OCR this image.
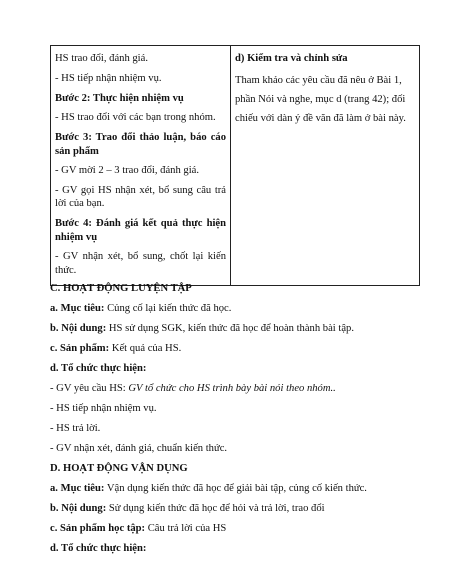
HS trao đổi, đánh giá.

- HS tiếp nhận nhiệm vụ.

Bước 2: Thực hiện nhiệm vụ

- HS trao đổi với các bạn trong nhóm.

Bước 3: Trao đổi thảo luận, báo cáo sản phẩm

- GV mời 2 – 3 trao đổi, đánh giá.

- GV gọi HS nhận xét, bổ sung câu trả lời của bạn.

Bước 4: Đánh giá kết quả thực hiện nhiệm vụ

- GV nhận xét, bổ sung, chốt lại kiến thức.

d) Kiểm tra và chỉnh sửa

Tham khảo các yêu cầu đã nêu ở Bài 1, phần Nói và nghe, mục d (trang 42); đối chiếu với dàn ý đề văn đã làm ở bài này.

C. HOẠT ĐỘNG LUYỆN TẬP

a. Mục tiêu: Củng cố lại kiến thức đã học.

b. Nội dung: HS sử dụng SGK, kiến thức đã học để hoàn thành bài tập.

c. Sản phẩm: Kết quả của HS.

d. Tổ chức thực hiện:

- GV yêu cầu HS: GV tổ chức cho HS trình bày bài nói theo nhóm..

- HS tiếp nhận nhiệm vụ.

- HS trả lời.

- GV nhận xét, đánh giá, chuẩn kiến thức.

D. HOẠT ĐỘNG VẬN DỤNG

a. Mục tiêu: Vận dụng kiến thức đã học để giải bài tập, củng cố kiến thức.

b. Nội dung: Sử dụng kiến thức đã học để hỏi và trả lời, trao đổi

c. Sản phẩm học tập: Câu trả lời của HS

d. Tổ chức thực hiện:
